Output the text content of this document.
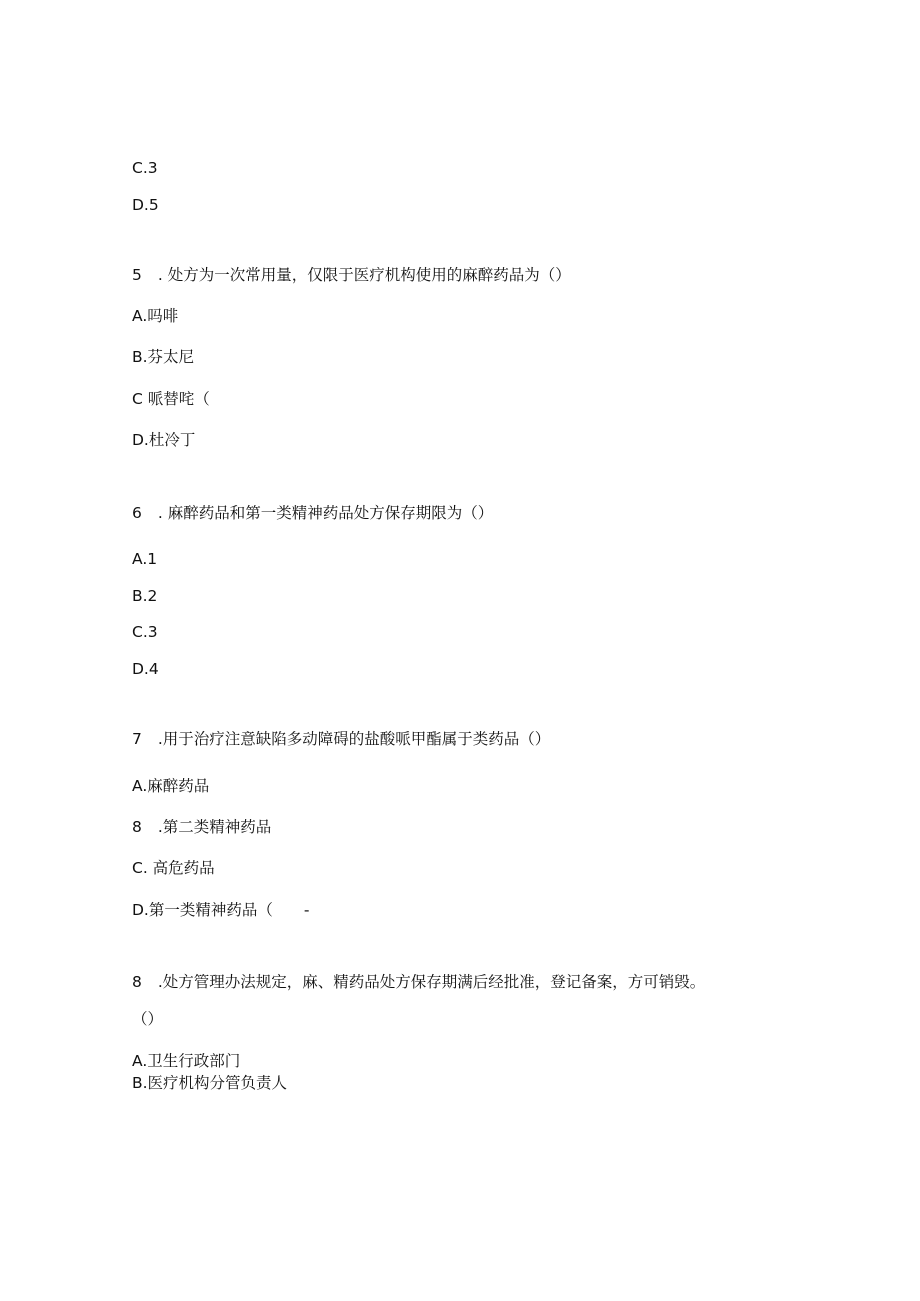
C.3
D.5
5 . 处方为一次常用量，仅限于医疗机构使用的麻醉药品为（）
A.吗啡
B.芬太尼
C 哌替咤（
D.杜冷丁
6 . 麻醉药品和第一类精神药品处方保存期限为（）
A.1
B.2
C.3
D.4
7 .用于治疗注意缺陷多动障碍的盐酸哌甲酯属于类药品（）
A.麻醉药品
8 .第二类精神药品
C. 高危药品
D.第一类精神药品（　　-
8 .处方管理办法规定，麻、精药品处方保存期满后经批准，登记备案，方可销毁。
（）
A.卫生行政部门
B.医疗机构分管负责人
